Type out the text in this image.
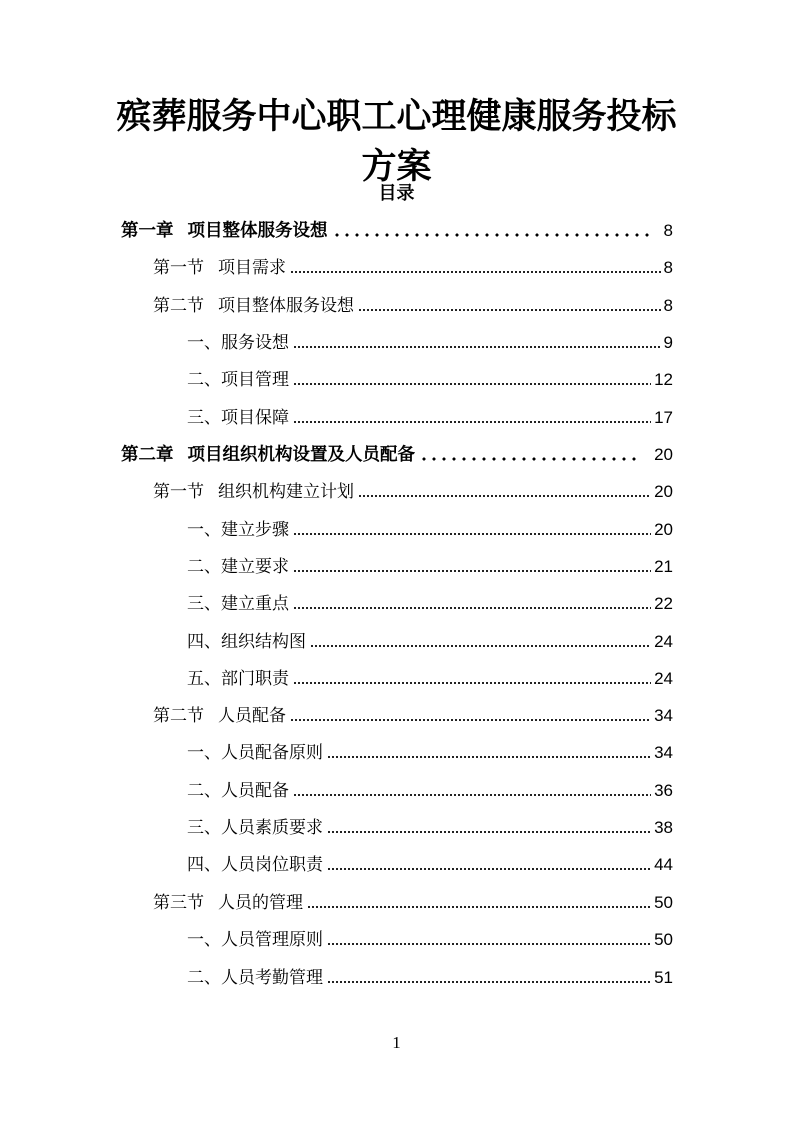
殡葬服务中心职工心理健康服务投标方案
目录
第一章 项目整体服务设想	8
第一节 项目需求	8
第二节 项目整体服务设想	8
一、 服务设想	9
二、 项目管理	12
三、 项目保障	17
第二章 项目组织机构设置及人员配备	20
第一节 组织机构建立计划	20
一、 建立步骤	20
二、 建立要求	21
三、 建立重点	22
四、 组织结构图	24
五、 部门职责	24
第二节 人员配备	34
一、 人员配备原则	34
二、 人员配备	36
三、 人员素质要求	38
四、 人员岗位职责	44
第三节 人员的管理	50
一、 人员管理原则	50
二、 人员考勤管理	51
1
